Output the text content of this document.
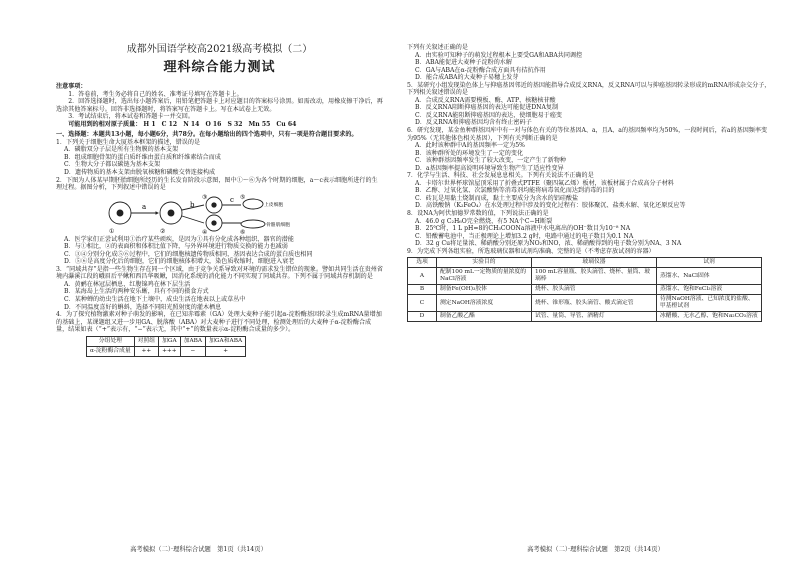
成都外国语学校高2021级高考模拟（二）

理科综合能力测试

注意事项：

1．答卷前，考生务必将自己的姓名、准考证号填写在答题卡上。

2．回答选择题时，选出每小题答案后，用铅笔把答题卡上对应题目的答案标号涂黑。如需改动，用橡皮擦干净后，再选涂其他答案标号。回答非选择题时，将答案写在答题卡上。写在本试卷上无效。

3．考试结束后，将本试卷和答题卡一并交回。

可能用到的相对原子质量： H 1　C 12　N 14　O 16　S 32　Mn 55　Cu 64

一、选择题：本题共13小题，每小题6分，共78分。在每小题给出的四个选项中，只有一项是符合题目要求的。

1．下列关于细胞生命大厦基本框架的描述，错误的是

A．磷脂双分子层是所有生物膜的基本支架

B．组成细胞骨架的蛋白质纤维由蛋白质和纤维素结合而成

C．生物大分子都以碳链为基本支架

D．遗传物质的基本支架由脱氧核糖和磷酸交替连接构成

2．下图为人体某早期胚胎细胞所经历的生长发育阶段示意图，图中①～⑥为各个时期的细胞，a～c表示细胞所进行的生理过程。据图分析，下列叙述中错误的是

a	b
c
①	②
③
④
⑤
⑥
上皮细胞
骨骼肌细胞

A．医学家们正尝试利用①治疗某些顽疾，是因为①具有分化成各种组织、器官的潜能

B．与①相比，②的表面积和体积比值下降，与外界环境进行物质交换的能力也减弱

C．③④分别分化成⑤⑥过程中，它们的细胞核遗传物质相同，基因表达合成的蛋白质也相同

D．⑤⑥是高度分化后的细胞，它们的细胞核体积增大，染色质收缩时，细胞进入衰老

3．“同域共存”是指一些生物生存在同一个区域，由于竞争关系导致对环境的需求发生错位的现象。譬如共同生活在贵州省境内瀑溪江段的峨眉后平鳅和西昌华吸鳅，因消化系统的消化能力不同实现了同域共存。下列不属于同域共存机制的是

A．黄鹂在林冠层栖息，红腹锦鸡在林下层生活

B．某海岛上生活的两种安乐蜥，具有不同的摄食方式

C．某种蝉的幼虫生活在地下土壤中，成虫生活在地表以上或草丛中

D．不同温度喜好的蝌蚪，选择不同阳光照射度的灌木栖息

4．为了探究植物激素对种子萌发的影响，在已知赤霉素（GA）处理大麦种子能引起α-淀粉酶基因转录生成mRNA量增加的基础上，某课题组又进一步用GA、脱落酸（ABA）对大麦种子进行不同处理，检测处理后的大麦种子α-淀粉酶合成量，结果如表（“+”表示有，“−”表示无，其中“+”的数量表示α-淀粉酶合成量的多少）。

分组处理	对照组	加GA	加ABA	加GA和ABA
α-淀粉酶合成量	++	+++	−	+
高考模拟（二）·理科综合试题　第1页（共14页）

下列有关叙述正确的是

A．由实验可知种子的萌发过程根本上要受GA和ABA共同调控

B．ABA能促进大麦种子淀粉的水解

C．GA与ABA在α-淀粉酶合成方面具有拮抗作用

D．能合成ABA的大麦种子易穗上发芽

5．某研究小组发现染色体上与抑癌基因邻近的基因能指导合成反义RNA，反义RNA可以与抑癌基因转录形成的mRNA形成杂交分子，下列相关叙述错误的是

A．合成反义RNA需要模板、酶、ATP、核糖核苷酸

B．反义RNA阻断抑癌基因的表达可能促进DNA复制

C．反义RNA能阻断抑癌基因的表达，使细胞易于癌变

D．反义RNA和抑癌基因均含有终止密码子

6．研究发现，某金鱼种群基因库中有一对与体色有关的等位基因A、a，且A、a的基因频率均为50%，一段时间后，若a的基因频率变为95%（无其他体色相关基因），下列有关判断正确的是

A．此时该种群中A的基因频率一定为5%

B．该种群所处的环境发生了一定的变化

C．该种群基因频率发生了较大改变，一定产生了新物种

D．a基因频率提高说明环境导致生物产生了适应性变异

7．化学与生活、科技、社会发展息息相关。下列有关说法不正确的是

A．卡塔尔世界杯球馆屋顶采用了折叠式PTFE（聚四氟乙烯）板材，该板材属于合成高分子材料

B．乙醇、过氧化氢、次氯酸钠等消毒剂均能将病毒氧化而达到消毒的目的

C．砖瓦是用黏土烧制而成，黏土主要成分为含水的铝硅酸盐

D．高铁酸钠（K₂FeO₄）在水处理过程中涉及的变化过程有：胶体聚沉、盐类水解、氧化还原反应等

8．设NA为阿伏加德罗常数的值，下列说法正确的是

A．46.0 g C₂H₆O完全燃烧，有5 NA个C−H断裂

B．25℃时，1 L pH=8的CH₃COONa溶液中水电离出的OH⁻数目为10⁻⁸ NA

C．铅酸蓄电池中，当正极理论上增加3.2 g时，电路中通过的电子数目为0.1 NA

D．32 g Cu将足量浓、稀硝酸分别还原为NO₂和NO，浓、稀硝酸得到的电子数分别为NA、3 NA

9．为完成下列各组实验，所选玻璃仪器和试剂均准确、完整的是（不考虑存放试剂的容器）

选项	实验目的	玻璃仪器	试剂
A	配制100 mL一定物质的量浓度的NaCl溶液	100 mL容量瓶、胶头滴管、烧杯、量筒、玻璃棒	蒸馏水、NaCl固体
B	制备Fe(OH)₃胶体	烧杯、胶头滴管	蒸馏水、饱和FeCl₃溶液
C	测定NaOH溶液浓度	烧杯、锥形瓶、胶头滴管、酸式滴定管	待测NaOH溶液、已知浓度的盐酸、甲基橙试剂
D	制备乙酸乙酯	试管、量筒、导管、酒精灯	冰醋酸、无水乙醇、饱和Na₂CO₃溶液
高考模拟（二）·理科综合试题　第2页（共14页）
